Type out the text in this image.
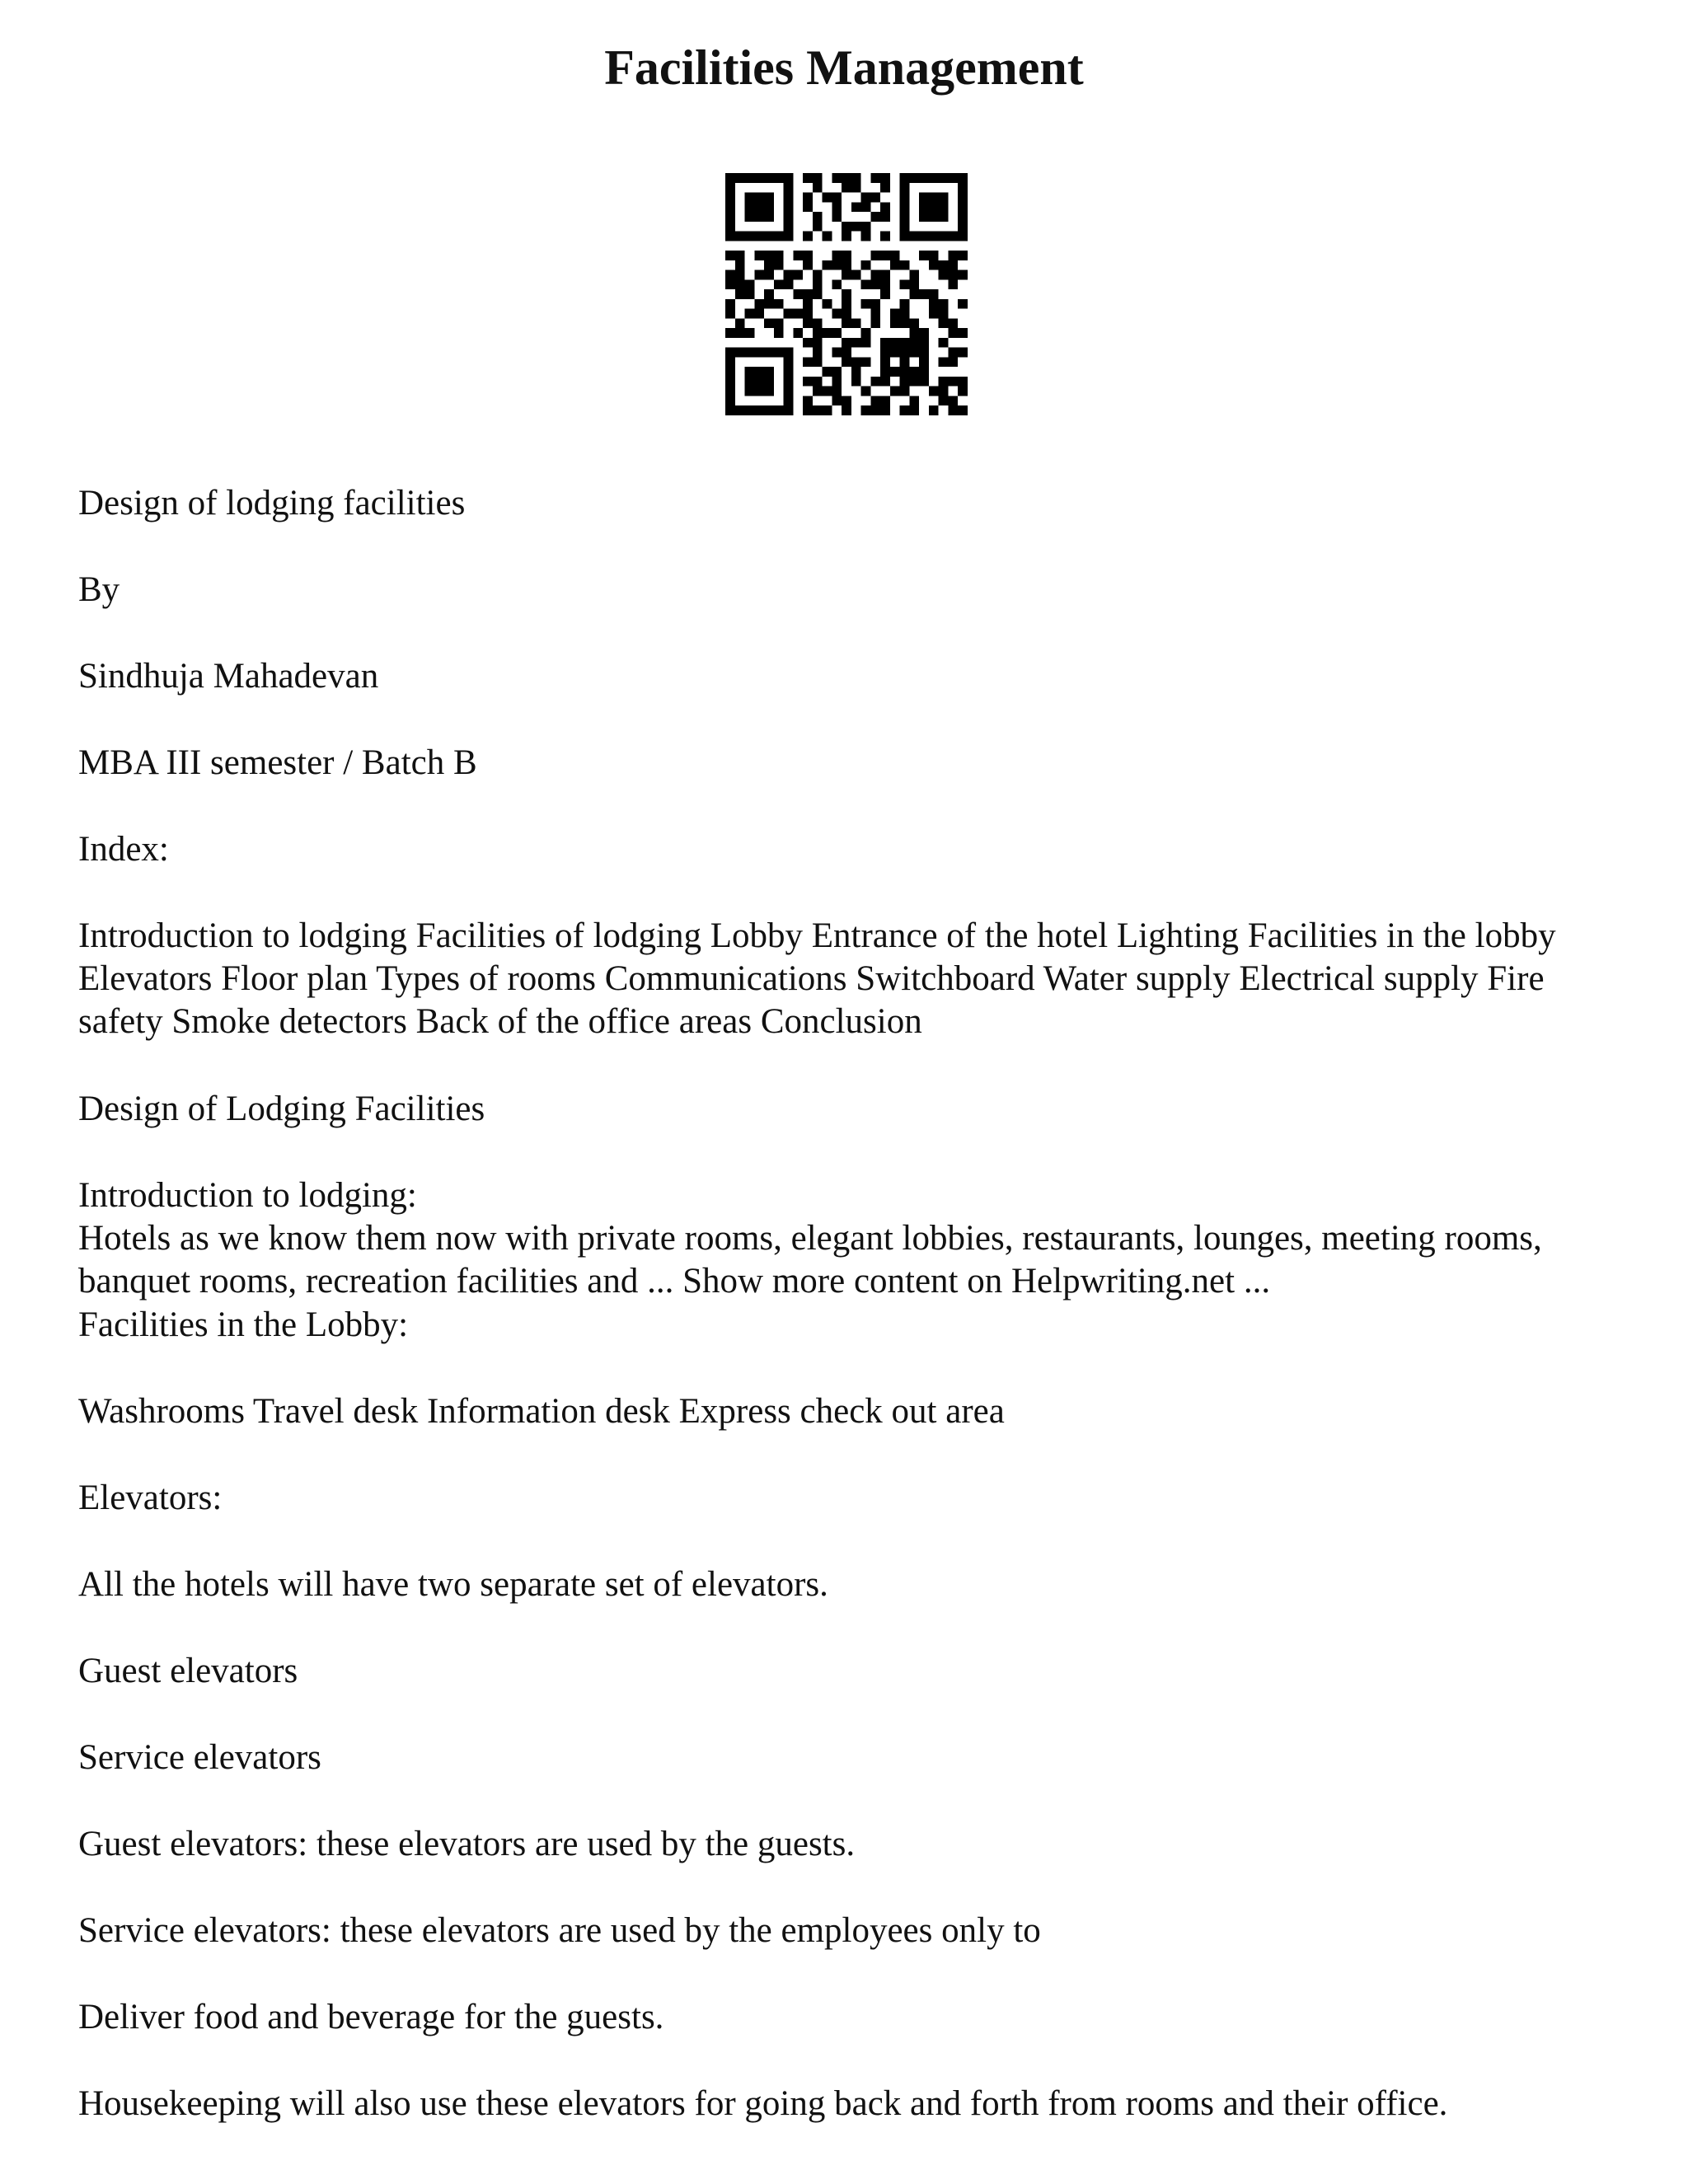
Facilities Management

Design of lodging facilities

By

Sindhuja Mahadevan

MBA III semester / Batch B

Index:

Introduction to lodging Facilities of lodging Lobby Entrance of the hotel Lighting Facilities in the lobby Elevators Floor plan Types of rooms Communications Switchboard Water supply Electrical supply Fire safety Smoke detectors Back of the office areas Conclusion

Design of Lodging Facilities

Introduction to lodging:

Hotels as we know them now with private rooms, elegant lobbies, restaurants, lounges, meeting rooms, banquet rooms, recreation facilities and ... Show more content on Helpwriting.net ...

Facilities in the Lobby:

Washrooms Travel desk Information desk Express check out area

Elevators:

All the hotels will have two separate set of elevators.

Guest elevators

Service elevators

Guest elevators: these elevators are used by the guests.

Service elevators: these elevators are used by the employees only to

Deliver food and beverage for the guests.

Housekeeping will also use these elevators for going back and forth from rooms and their office.
